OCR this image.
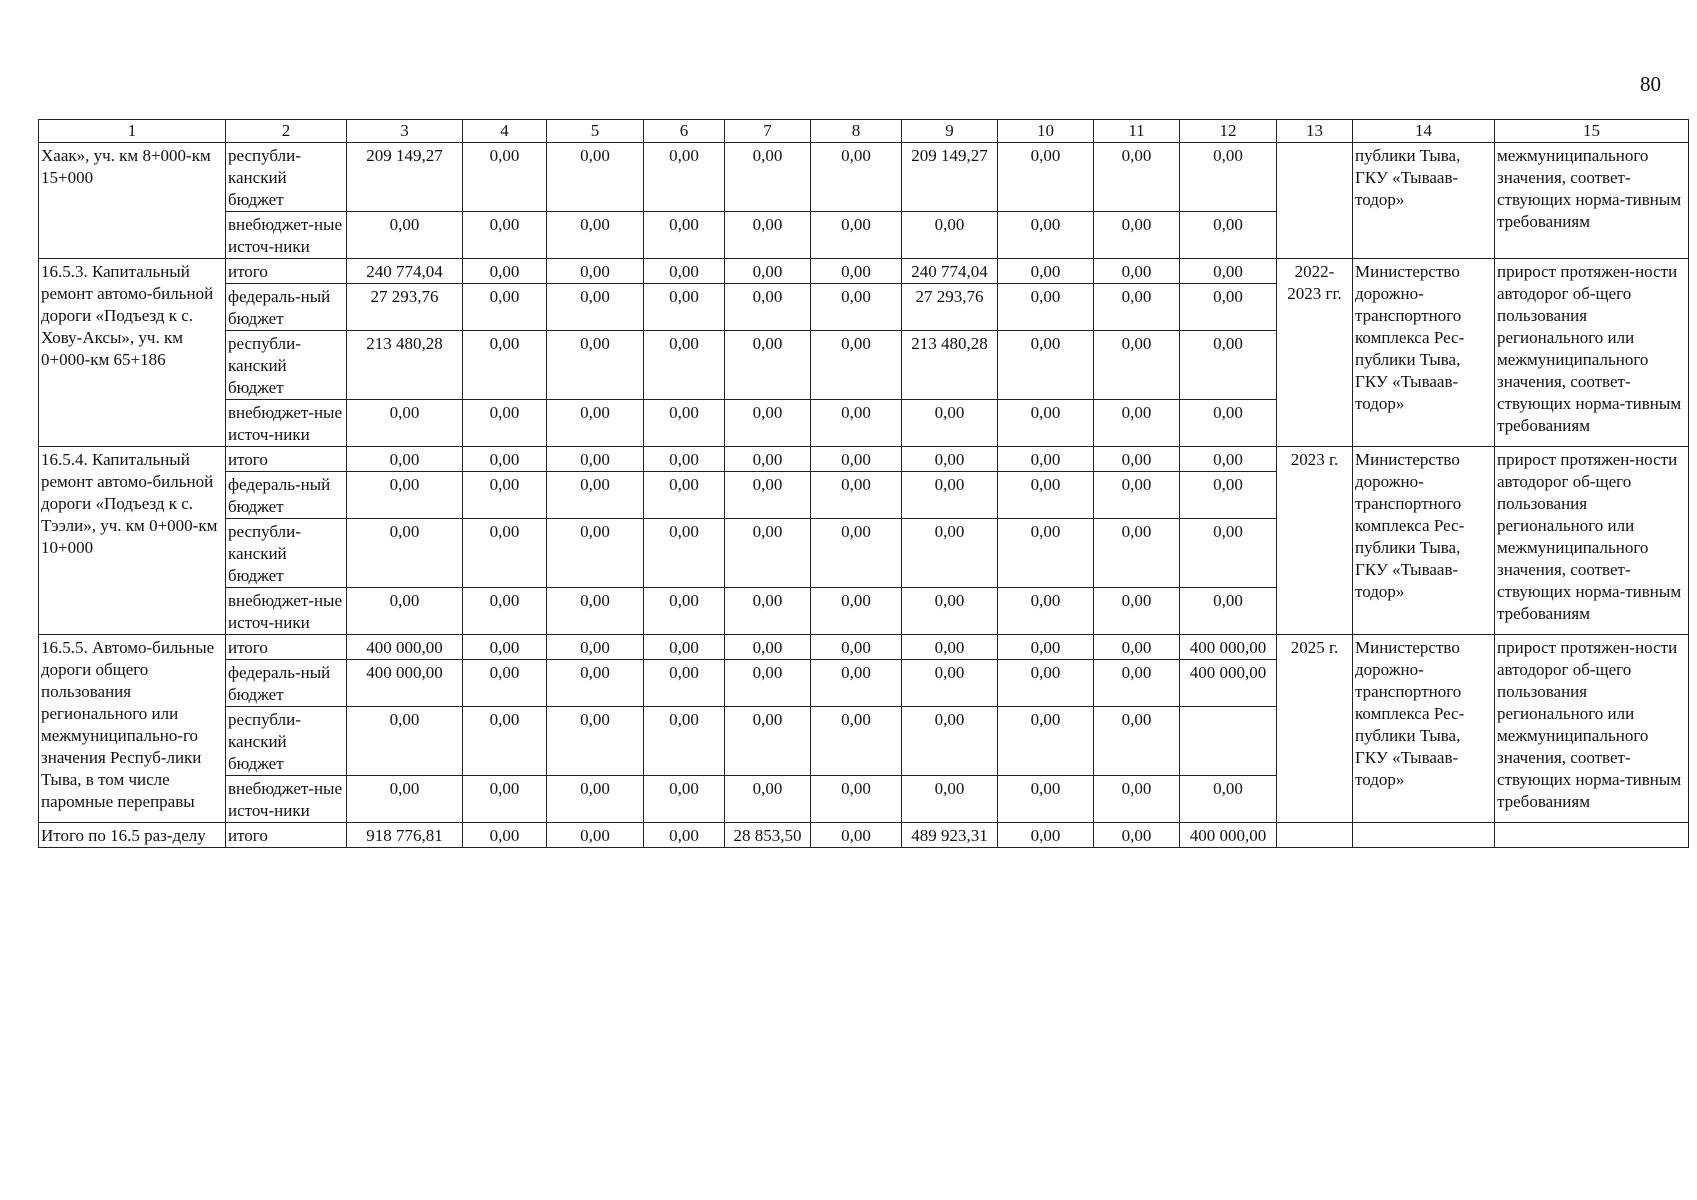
80
1	2	3	4	5	6	7	8	9	10	11	12	13	14	15
Хаак», уч. км 8+000-км 15+000	республи-канский бюджет	209 149,27	0,00	0,00	0,00	0,00	0,00	209 149,27	0,00	0,00	0,00		публики Тыва, ГКУ «Тываав-тодор»	межмуниципального значения, соответ-ствующих норма-тивным требованиям
	внебюджет-ные источ-ники	0,00	0,00	0,00	0,00	0,00	0,00	0,00	0,00	0,00	0,00			
16.5.3. Капитальный ремонт автомо-бильной дороги «Подъезд к с. Хову-Аксы», уч. км 0+000-км 65+186	итого	240 774,04	0,00	0,00	0,00	0,00	0,00	240 774,04	0,00	0,00	0,00	2022-2023 гг.	Министерство дорожно-транспортного комплекса Рес-публики Тыва, ГКУ «Тываав-тодор»	прирост протяжен-ности автодорог об-щего пользования регионального или межмуниципального значения, соответ-ствующих норма-тивным требованиям
	федераль-ный бюджет	27 293,76	0,00	0,00	0,00	0,00	0,00	27 293,76	0,00	0,00	0,00			
	республи-канский бюджет	213 480,28	0,00	0,00	0,00	0,00	0,00	213 480,28	0,00	0,00	0,00			
	внебюджет-ные источ-ники	0,00	0,00	0,00	0,00	0,00	0,00	0,00	0,00	0,00	0,00			
16.5.4. Капитальный ремонт автомо-бильной дороги «Подъезд к с. Тээли», уч. км 0+000-км 10+000	итого	0,00	0,00	0,00	0,00	0,00	0,00	0,00	0,00	0,00	0,00	2023 г.	Министерство дорожно-транспортного комплекса Рес-публики Тыва, ГКУ «Тываав-тодор»	прирост протяжен-ности автодорог об-щего пользования регионального или межмуниципального значения, соответ-ствующих норма-тивным требованиям
	федераль-ный бюджет	0,00	0,00	0,00	0,00	0,00	0,00	0,00	0,00	0,00	0,00			
	республи-канский бюджет	0,00	0,00	0,00	0,00	0,00	0,00	0,00	0,00	0,00	0,00			
	внебюджет-ные источ-ники	0,00	0,00	0,00	0,00	0,00	0,00	0,00	0,00	0,00	0,00			
16.5.5. Автомо-бильные дороги общего пользования регионального или межмуниципально-го значения Респуб-лики Тыва, в том числе паромные переправы	итого	400 000,00	0,00	0,00	0,00	0,00	0,00	0,00	0,00	0,00	400 000,00	2025 г.	Министерство дорожно-транспортного комплекса Рес-публики Тыва, ГКУ «Тываав-тодор»	прирост протяжен-ности автодорог об-щего пользования регионального или межмуниципального значения, соответ-ствующих норма-тивным требованиям
	федераль-ный бюджет	400 000,00	0,00	0,00	0,00	0,00	0,00	0,00	0,00	0,00	400 000,00			
	республи-канский бюджет	0,00	0,00	0,00	0,00	0,00	0,00	0,00	0,00	0,00				
	внебюджет-ные источ-ники	0,00	0,00	0,00	0,00	0,00	0,00	0,00	0,00	0,00	0,00			
Итого по 16.5 раз-делу	итого	918 776,81	0,00	0,00	0,00	28 853,50	0,00	489 923,31	0,00	0,00	400 000,00			
